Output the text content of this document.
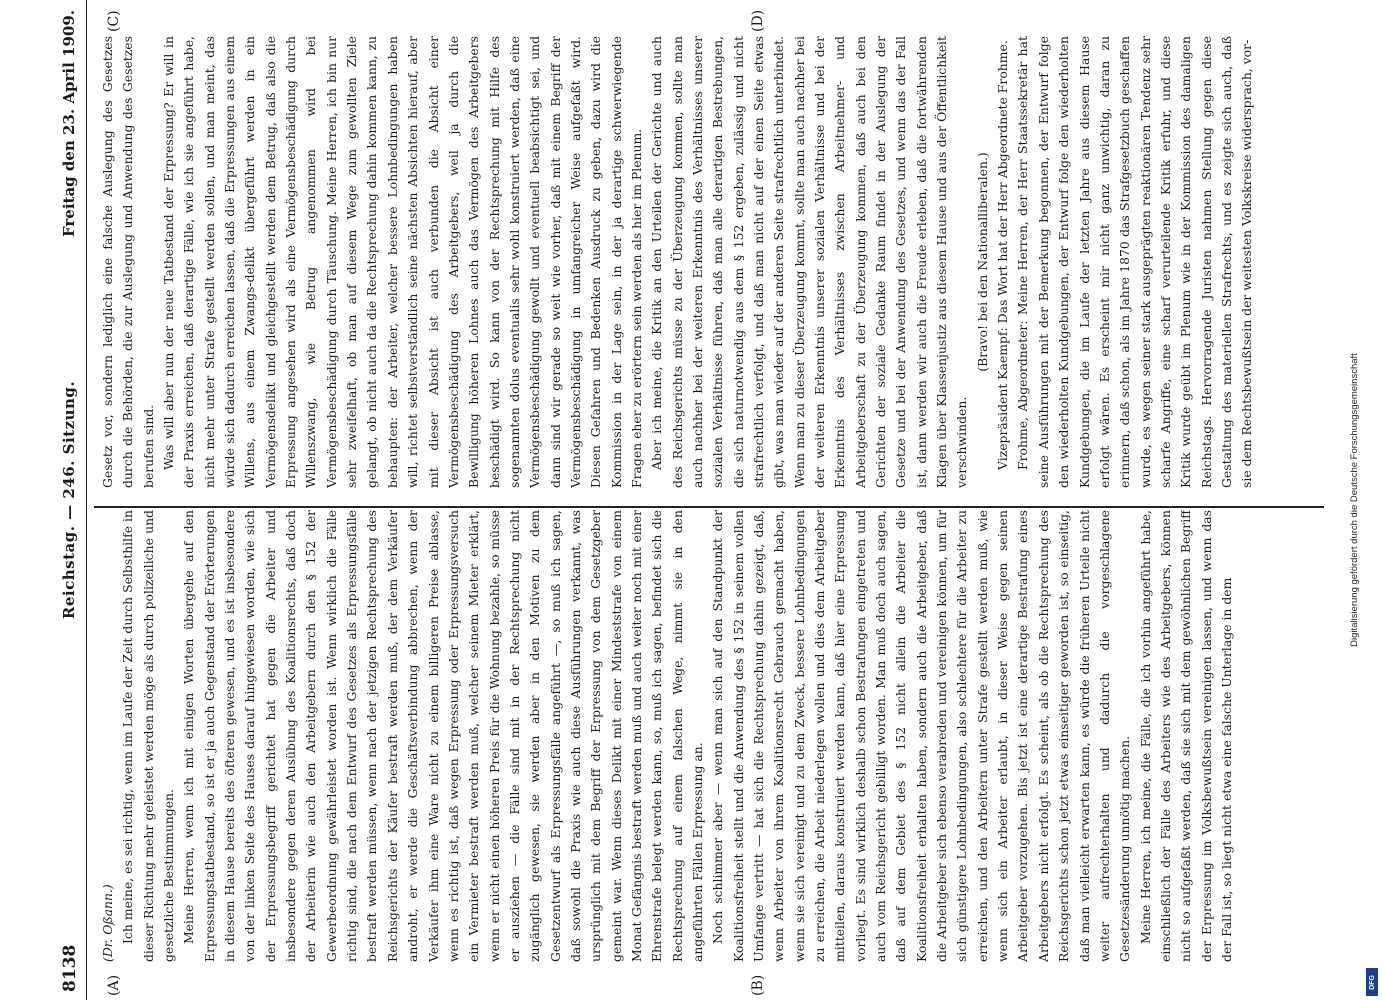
8138
Reichstag. — 246. Sitzung.
Freitag den 23. April 1909.
(A)	(B)
(C)	(D)

(Dr. Oßann.) Ich meine, es sei richtig, wenn im Laufe der Zeit durch Selbsthilfe in dieser Richtung mehr geleistet werden möge als durch polizeiliche und gesetzliche Bestimmungen. Meine Herren, wenn ich mit einigen Worten übergehe auf den Erpressungstatbestand, so ist er ja auch Gegenstand der Erörterungen in diesem Hause bereits des öfteren gewesen, und es ist insbesondere von der linken Seite des Hauses darauf hingewiesen worden, wie sich der Erpressungsbegriff gerichtet hat gegen die Arbeiter und insbesondere gegen deren Ausübung des Koalitionsrechts, daß doch der Arbeiterin wie auch den Arbeitgebern durch den § 152 der Gewerbeordnung gewährleistet worden ist. Wenn wirklich die Fälle richtig sind, die nach dem Entwurf des Gesetzes als Erpressungsfälle bestraft werden müssen, wenn nach der jetzigen Rechtsprechung des Reichsgerichts der Käufer bestraft werden muß, der dem Verkäufer androht, er werde die Geschäftsverbindung abbrechen, wenn der Verkäufer ihm eine Ware nicht zu einem billigeren Preise ablasse, wenn es richtig ist, daß wegen Erpressung oder Erpressungsversuch ein Vermieter bestraft werden muß, welcher seinem Mieter erklärt, wenn er nicht einen höheren Preis für die Wohnung bezahle, so müsse er ausziehen — die Fälle sind mit in der Rechtsprechung nicht zugänglich gewesen, sie werden aber in den Motiven zu dem Gesetzentwurf als Erpressungsfälle angeführt —, so muß ich sagen, daß sowohl die Praxis wie auch diese Ausführungen verkannt, was ursprünglich mit dem Begriff der Erpressung von dem Gesetzgeber gemeint war. Wenn dieses Delikt mit einer Mindeststrafe von einem Monat Gefängnis bestraft werden muß und auch weiter noch mit einer Ehrenstrafe belegt werden kann, so, muß ich sagen, befindet sich die Rechtsprechung auf einem falschen Wege, nimmt sie in den angeführten Fällen Erpressung an. Noch schlimmer aber — wenn man sich auf den Standpunkt der Koalitionsfreiheit stellt und die Anwendung des § 152 in seinem vollen Umfange vertritt — hat sich die Rechtsprechung dahin gezeigt, daß, wenn Arbeiter von ihrem Koalitionsrecht Gebrauch gemacht haben, wenn sie sich vereinigt und zu dem Zweck, bessere Lohnbedingungen zu erreichen, die Arbeit niederlegen wollen und dies dem Arbeitgeber mitteilen, daraus konstruiert werden kann, daß hier eine Erpressung vorliegt. Es sind wirklich deshalb schon Bestrafungen eingetreten und auch vom Reichsgericht gebilligt worden. Man muß doch auch sagen, daß auf dem Gebiet des § 152 nicht allein die Arbeiter die Koalitionsfreiheit erhalten haben, sondern auch die Arbeitgeber, daß die Arbeitgeber sich ebenso verabreden und vereinigen können, um für sich günstigere Lohnbedingungen, also schlechtere für die Arbeiter zu erreichen, und den Arbeitern unter Strafe gestellt werden muß, wie wenn sich ein Arbeiter erlaubt, in dieser Weise gegen seinen Arbeitgeber vorzugehen. Bis jetzt ist eine derartige Bestrafung eines Arbeitgebers nicht erfolgt. Es scheint, als ob die Rechtsprechung des Reichsgerichts schon jetzt etwas einseitiger geworden ist, so einseitig, daß man vielleicht erwarten kann, es würde die früheren Urteile nicht weiter aufrechterhalten und dadurch die vorgeschlagene Gesetzesänderung unnötig machen. Meine Herren, ich meine, die Fälle, die ich vorhin angeführt habe, einschließlich der Fälle des Arbeiters wie des Arbeitgebers, können nicht so aufgefaßt werden, daß sie sich mit dem gewöhnlichen Begriff der Erpressung im Volksbewußtsein vereinigen lassen, und wenn das der Fall ist, so liegt nicht etwa eine falsche Unterlage in dem

Gesetz vor, sondern lediglich eine falsche Auslegung des Gesetzes durch die Behörden, die zur Auslegung und Anwendung des Gesetzes berufen sind. Was will aber nun der neue Tatbestand der Erpressung? Er will in der Praxis erreichen, daß derartige Fälle, wie ich sie angeführt habe, nicht mehr unter Strafe gestellt werden sollen, und man meint, das würde sich dadurch erreichen lassen, daß die Erpressungen aus einem Willens, aus einem Zwangs-delikt übergeführt werden in ein Vermögensdelikt und gleichgestellt werden dem Betrug, daß also die Erpressung angesehen wird als eine Vermögensbeschädigung durch Willenszwang, wie Betrug angenommen wird bei Vermögensbeschädigung durch Täuschung. Meine Herren, ich bin nur sehr zweifelhaft, ob man auf diesem Wege zum gewollten Ziele gelangt, ob nicht auch da die Rechtsprechung dahin kommen kann, zu behaupten: der Arbeiter, welcher bessere Lohnbedingungen haben will, richtet selbstverständlich seine nächsten Absichten hierauf, aber mit dieser Absicht ist auch verbunden die Absicht einer Vermögensbeschädigung des Arbeitgebers, weil ja durch die Bewilligung höheren Lohnes auch das Vermögen des Arbeitgebers beschädigt wird. So kann von der Rechtsprechung mit Hilfe des sogenannten dolus eventualis sehr wohl konstruiert werden, daß eine Vermögensbeschädigung gewollt und eventuell beabsichtigt sei, und dann sind wir gerade so weit wie vorher, daß mit einem Begriff der Vermögensbeschädigung in umfangreicher Weise aufgefaßt wird. Diesen Gefahren und Bedenken Ausdruck zu geben, dazu wird die Kommission in der Lage sein, in der ja derartige schwerwiegende Fragen eher zu erörtern sein werden als hier im Plenum. Aber ich meine, die Kritik an den Urteilen der Gerichte und auch des Reichsgerichts müsse zu der Überzeugung kommen, sollte man auch nachher bei der weiteren Erkenntnis des Verhältnisses unserer sozialen Verhältnisse führen, daß man alle derartigen Bestrebungen, die sich naturnotwendig aus dem § 152 ergeben, zulässig und nicht strafrechtlich verfolgt, und daß man nicht auf der einen Seite etwas gibt, was man wieder auf der anderen Seite strafrechtlich unterbindet. Wenn man zu dieser Überzeugung kommt, sollte man auch nachher bei der weiteren Erkenntnis unserer sozialen Verhältnisse und bei der Erkenntnis des Verhältnisses zwischen Arbeitnehmer- und Arbeitgeberschaft zu der Überzeugung kommen, daß auch bei den Gerichten der soziale Gedanke Raum findet in der Auslegung der Gesetze und bei der Anwendung des Gesetzes, und wenn das der Fall ist, dann werden wir auch die Freude erleben, daß die fortwährenden Klagen über Klassenjustiz aus diesem Hause und aus der Öffentlichkeit verschwinden.

(Bravo! bei den Nationalliberalen.) Vizepräsident Kaempf: Das Wort hat der Herr Abgeordnete Frohme. Frohme, Abgeordneter: Meine Herren, der Herr Staatssekretär hat seine Ausführungen mit der Bemerkung begonnen, der Entwurf folge den wiederholten Kundgebungen, der Entwurf folge den wiederholten Kundgebungen, die im Laufe der letzten Jahre aus diesem Hause erfolgt wären. Es erscheint mir nicht ganz unwichtig, daran zu erinnern, daß schon, als im Jahre 1870 das Strafgesetzbuch geschaffen wurde, es wegen seiner stark ausgeprägten reaktionären Tendenz sehr scharfe Angriffe, eine scharf verurteilende Kritik erfuhr, und diese Kritik wurde geübt im Plenum wie in der Kommission des damaligen Reichstags. Hervorragende Juristen nahmen Stellung gegen diese Gestaltung des materiellen Strafrechts, und es zeigte sich auch, daß sie dem Rechtsbewußtsein der weitesten Volkskreise widersprach, vor-

Digitalisierung gefördert durch die Deutsche Forschungsgemeinschaft
DFG
